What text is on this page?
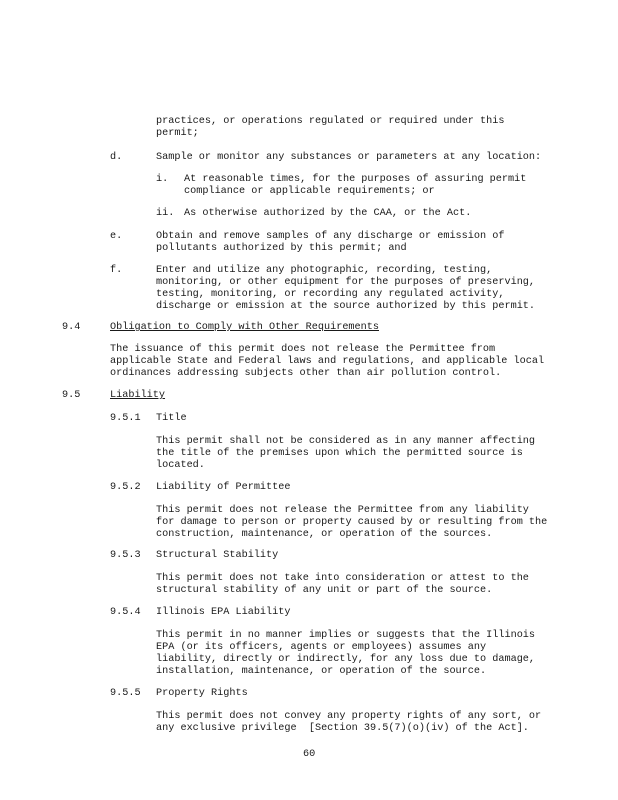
practices, or operations regulated or required under this
permit;
d.	Sample or monitor any substances or parameters at any location:
i. At reasonable times, for the purposes of assuring permit
compliance or applicable requirements; or
ii. As otherwise authorized by the CAA, or the Act.
e.	Obtain and remove samples of any discharge or emission of
pollutants authorized by this permit; and
f.	Enter and utilize any photographic, recording, testing,
monitoring, or other equipment for the purposes of preserving,
testing, monitoring, or recording any regulated activity,
discharge or emission at the source authorized by this permit.
9.4	Obligation to Comply with Other Requirements
The issuance of this permit does not release the Permittee from
applicable State and Federal laws and regulations, and applicable local
ordinances addressing subjects other than air pollution control.
9.5	Liability
9.5.1 Title
This permit shall not be considered as in any manner affecting
the title of the premises upon which the permitted source is
located.
9.5.2 Liability of Permittee
This permit does not release the Permittee from any liability
for damage to person or property caused by or resulting from the
construction, maintenance, or operation of the sources.
9.5.3 Structural Stability
This permit does not take into consideration or attest to the
structural stability of any unit or part of the source.
9.5.4 Illinois EPA Liability
This permit in no manner implies or suggests that the Illinois
EPA (or its officers, agents or employees) assumes any
liability, directly or indirectly, for any loss due to damage,
installation, maintenance, or operation of the source.
9.5.5 Property Rights
This permit does not convey any property rights of any sort, or
any exclusive privilege  [Section 39.5(7)(o)(iv) of the Act].
60
